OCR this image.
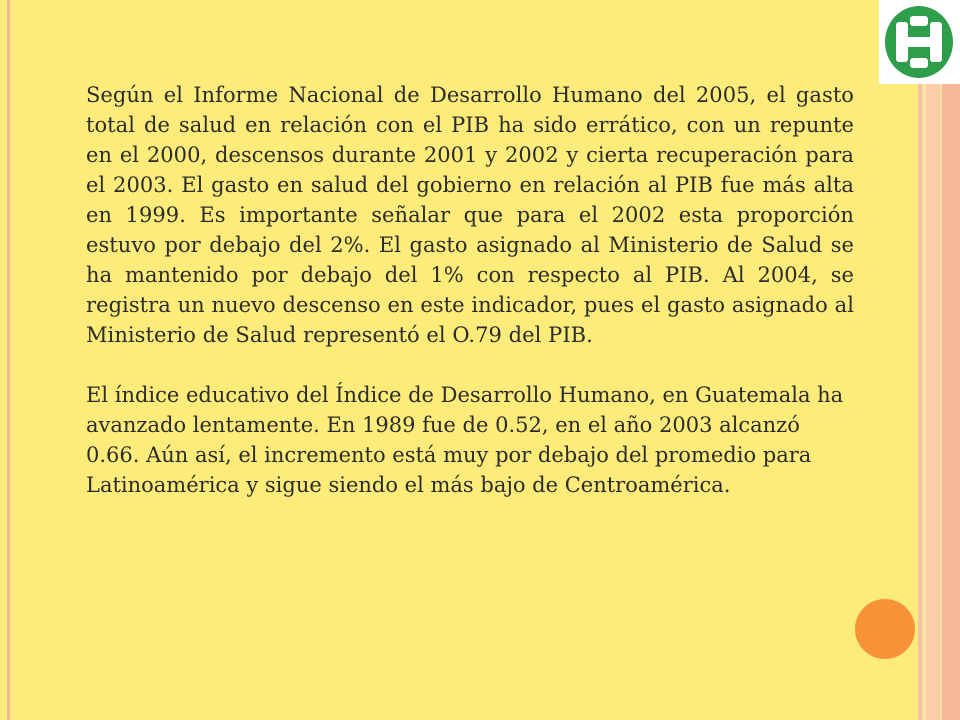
Según el Informe Nacional de Desarrollo Humano del 2005, el gasto total de salud en relación con el PIB ha sido errático, con un repunte en el 2000, descensos durante 2001 y 2002 y cierta recuperación para el 2003. El gasto en salud del gobierno en relación al PIB fue más alta en 1999. Es importante señalar que para el 2002 esta proporción estuvo por debajo del 2%. El gasto asignado al Ministerio de Salud se ha mantenido por debajo del 1% con respecto al PIB. Al 2004, se registra un nuevo descenso en este indicador, pues el gasto asignado al Ministerio de Salud representó el O.79 del PIB.

El índice educativo del Índice de Desarrollo Humano, en Guatemala ha avanzado lentamente. En 1989 fue de 0.52, en el año 2003 alcanzó 0.66. Aún así, el incremento está muy por debajo del promedio para Latinoamérica y sigue siendo el más bajo de Centroamérica.
